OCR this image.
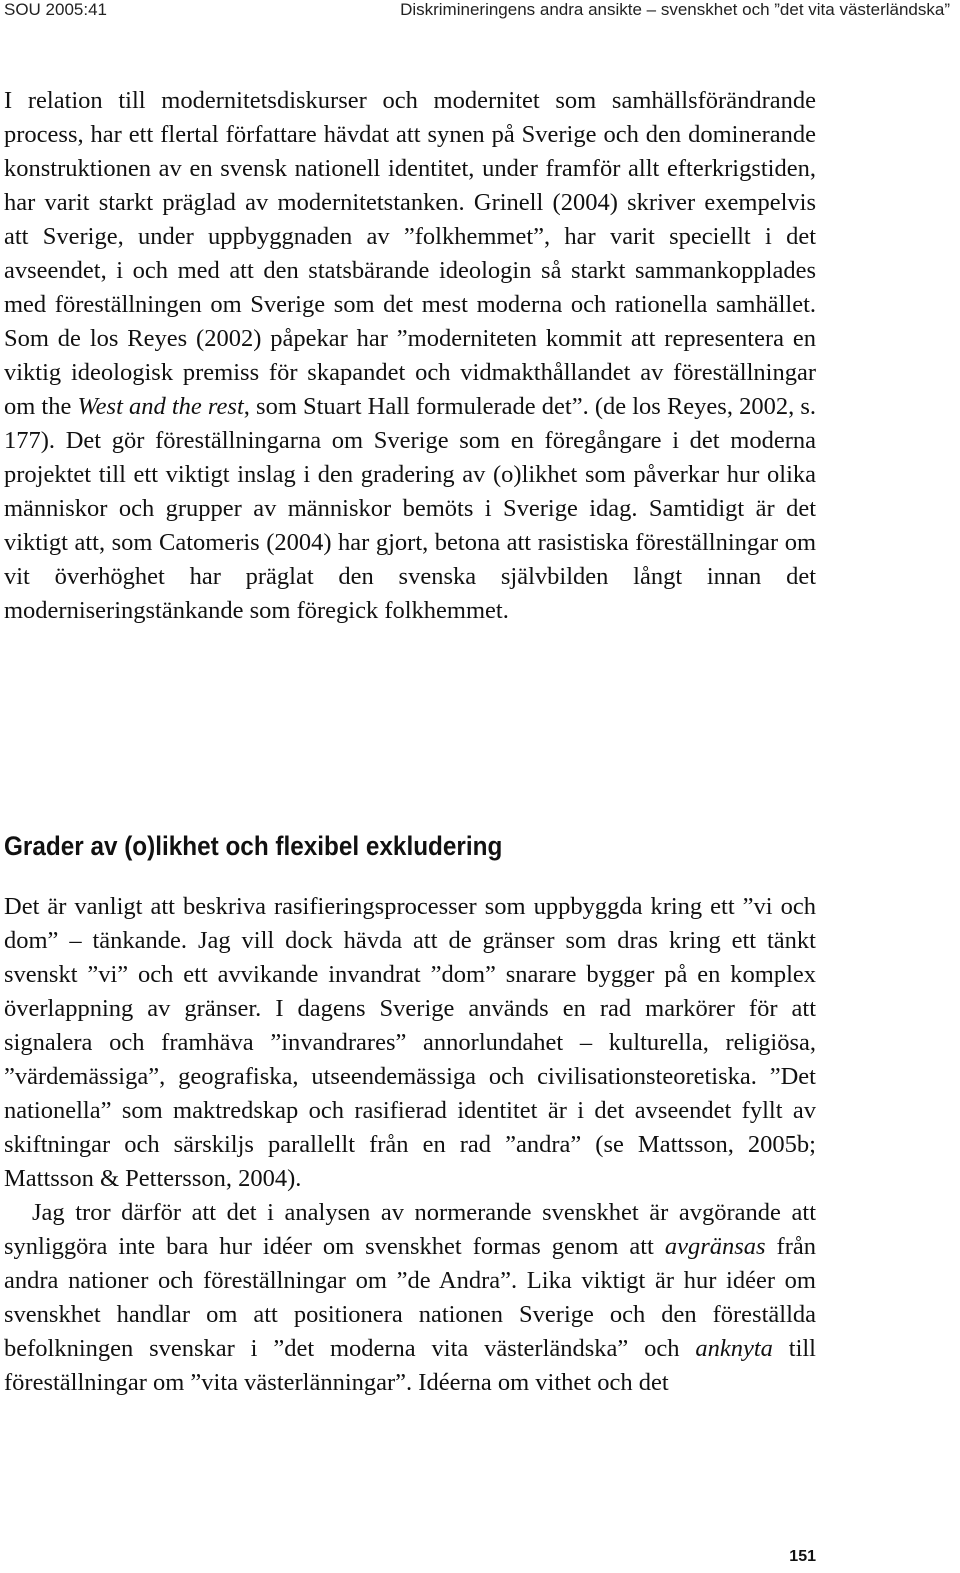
SOU 2005:41	Diskrimineringens andra ansikte – svenskhet och ”det vita västerländska”

I relation till modernitetsdiskurser och modernitet som samhällsförändrande process, har ett flertal författare hävdat att synen på Sverige och den dominerande konstruktionen av en svensk nationell identitet, under framför allt efterkrigstiden, har varit starkt präglad av modernitetstanken. Grinell (2004) skriver exempelvis att Sverige, under uppbyggnaden av ”folkhemmet”, har varit speciellt i det avseendet, i och med att den statsbärande ideologin så starkt sammankopplades med föreställningen om Sverige som det mest moderna och rationella samhället. Som de los Reyes (2002) påpekar har ”moderniteten kommit att representera en viktig ideologisk premiss för skapandet och vidmakthållandet av föreställningar om the West and the rest, som Stuart Hall formulerade det”. (de los Reyes, 2002, s. 177). Det gör föreställningarna om Sverige som en föregångare i det moderna projektet till ett viktigt inslag i den gradering av (o)likhet som påverkar hur olika människor och grupper av människor bemöts i Sverige idag. Samtidigt är det viktigt att, som Catomeris (2004) har gjort, betona att rasistiska föreställningar om vit överhöghet har präglat den svenska självbilden långt innan det moderniseringstänkande som föregick folkhemmet.

Grader av (o)likhet och flexibel exkludering

Det är vanligt att beskriva rasifieringsprocesser som uppbyggda kring ett ”vi och dom” – tänkande. Jag vill dock hävda att de gränser som dras kring ett tänkt svenskt ”vi” och ett avvikande invandrat ”dom” snarare bygger på en komplex överlappning av gränser. I dagens Sverige används en rad markörer för att signalera och framhäva ”invandrares” annorlundahet – kulturella, religiösa, ”värdemässiga”, geografiska, utseendemässiga och civilisationsteoretiska. ”Det nationella” som maktredskap och rasifierad identitet är i det avseendet fyllt av skiftningar och särskiljs parallellt från en rad ”andra” (se Mattsson, 2005b; Mattsson & Pettersson, 2004).

Jag tror därför att det i analysen av normerande svenskhet är avgörande att synliggöra inte bara hur idéer om svenskhet formas genom att avgränsas från andra nationer och föreställningar om ”de Andra”. Lika viktigt är hur idéer om svenskhet handlar om att positionera nationen Sverige och den föreställda befolkningen svenskar i ”det moderna vita västerländska” och anknyta till föreställningar om ”vita västerlänningar”. Idéerna om vithet och det

151
